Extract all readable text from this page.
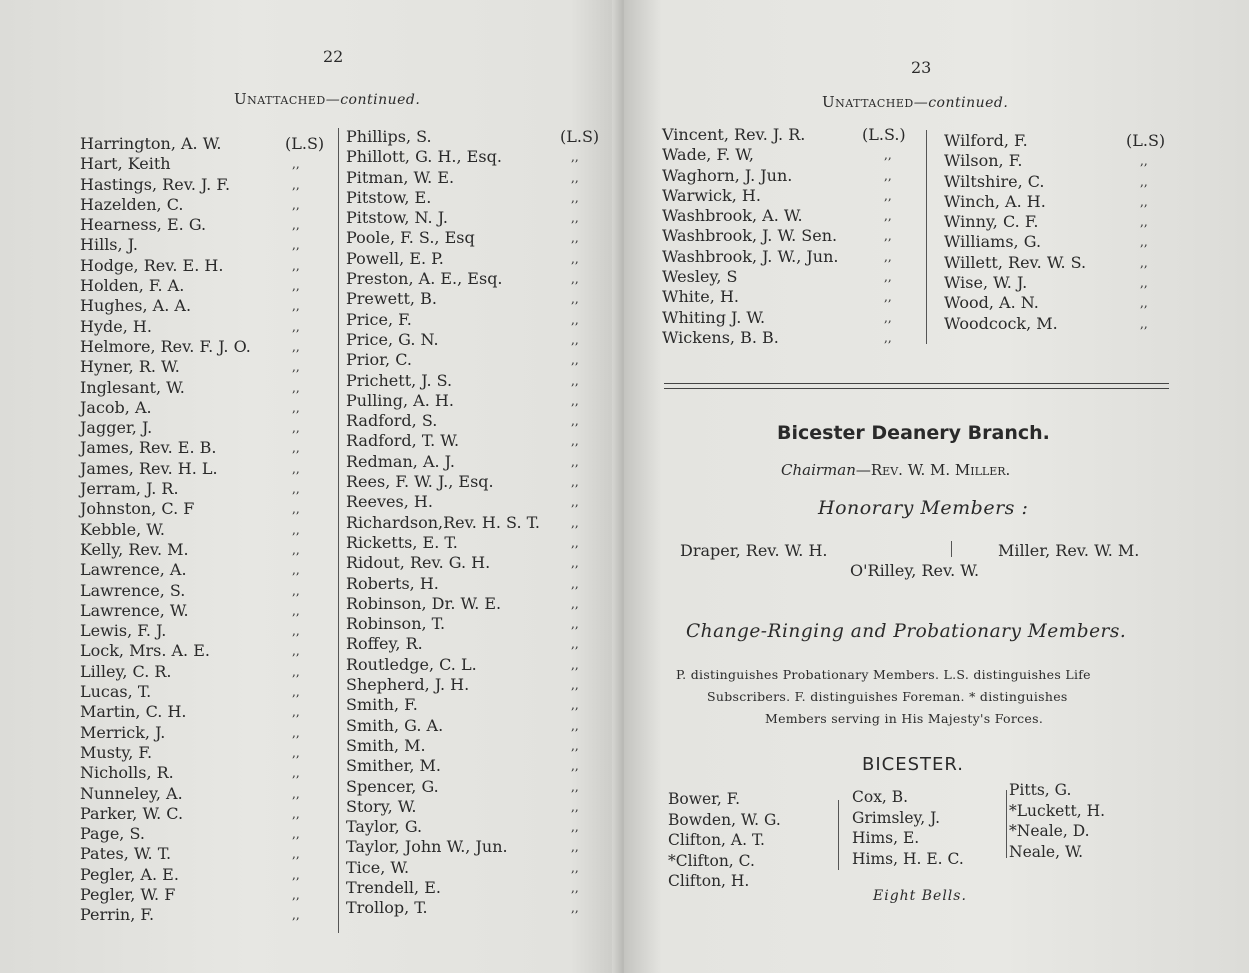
22
Unattached—continued.
Harrington, A. W.	(L.S)
Hart, Keith	,,
Hastings, Rev. J. F.	,,
Hazelden, C.	,,
Hearness, E. G.	,,
Hills, J.	,,
Hodge, Rev. E. H.	,,
Holden, F. A.	,,
Hughes, A. A.	,,
Hyde, H.	,,
Helmore, Rev. F. J. O.	,,
Hyner, R. W.	,,
Inglesant, W.	,,
Jacob, A.	,,
Jagger, J.	,,
James, Rev. E. B.	,,
James, Rev. H. L.	,,
Jerram, J. R.	,,
Johnston, C. F	,,
Kebble, W.	,,
Kelly, Rev. M.	,,
Lawrence, A.	,,
Lawrence, S.	,,
Lawrence, W.	,,
Lewis, F. J.	,,
Lock, Mrs. A. E.	,,
Lilley, C. R.	,,
Lucas, T.	,,
Martin, C. H.	,,
Merrick, J.	,,
Musty, F.	,,
Nicholls, R.	,,
Nunneley, A.	,,
Parker, W. C.	,,
Page, S.	,,
Pates, W. T.	,,
Pegler, A. E.	,,
Pegler, W. F	,,
Perrin, F.	,,
Phillips, S.	(L.S)
Phillott, G. H., Esq.	,,
Pitman, W. E.	,,
Pitstow, E.	,,
Pitstow, N. J.	,,
Poole, F. S., Esq	,,
Powell, E. P.	,,
Preston, A. E., Esq.	,,
Prewett, B.	,,
Price, F.	,,
Price, G. N.	,,
Prior, C.	,,
Prichett, J. S.	,,
Pulling, A. H.	,,
Radford, S.	,,
Radford, T. W.	,,
Redman, A. J.	,,
Rees, F. W. J., Esq.	,,
Reeves, H.	,,
Richardson,Rev. H. S. T.	,,
Ricketts, E. T.	,,
Ridout, Rev. G. H.	,,
Roberts, H.	,,
Robinson, Dr. W. E.	,,
Robinson, T.	,,
Roffey, R.	,,
Routledge, C. L.	,,
Shepherd, J. H.	,,
Smith, F.	,,
Smith, G. A.	,,
Smith, M.	,,
Smither, M.	,,
Spencer, G.	,,
Story, W.	,,
Taylor, G.	,,
Taylor, John W., Jun.	,,
Tice, W.	,,
Trendell, E.	,,
Trollop, T.	,,
23
Unattached—continued.
Vincent, Rev. J. R.	(L.S.)
Wade, F. W,	,,
Waghorn, J. Jun.	,,
Warwick, H.	,,
Washbrook, A. W.	,,
Washbrook, J. W. Sen.	,,
Washbrook, J. W., Jun.	,,
Wesley, S	,,
White, H.	,,
Whiting J. W.	,,
Wickens, B. B.	,,
Wilford, F.	(L.S)
Wilson, F.	,,
Wiltshire, C.	,,
Winch, A. H.	,,
Winny, C. F.	,,
Williams, G.	,,
Willett, Rev. W. S.	,,
Wise, W. J.	,,
Wood, A. N.	,,
Woodcock, M.	,,
Bicester Deanery Branch.
Chairman—Rev. W. M. Miller.
Honorary Members :
Draper, Rev. W. H.	Miller, Rev. W. M.
O'Rilley, Rev. W.
Change-Ringing and Probationary Members.
P. distinguishes Probationary Members. L.S. distinguishes Life
Subscribers. F. distinguishes Foreman. * distinguishes
Members serving in His Majesty's Forces.
BICESTER.
Bower, F.
Bowden, W. G.
Clifton, A. T.
*Clifton, C.
Clifton, H.
Cox, B.
Grimsley, J.
Hims, E.
Hims, H. E. C.
Pitts, G.
*Luckett, H.
*Neale, D.
Neale, W.
Eight Bells.
